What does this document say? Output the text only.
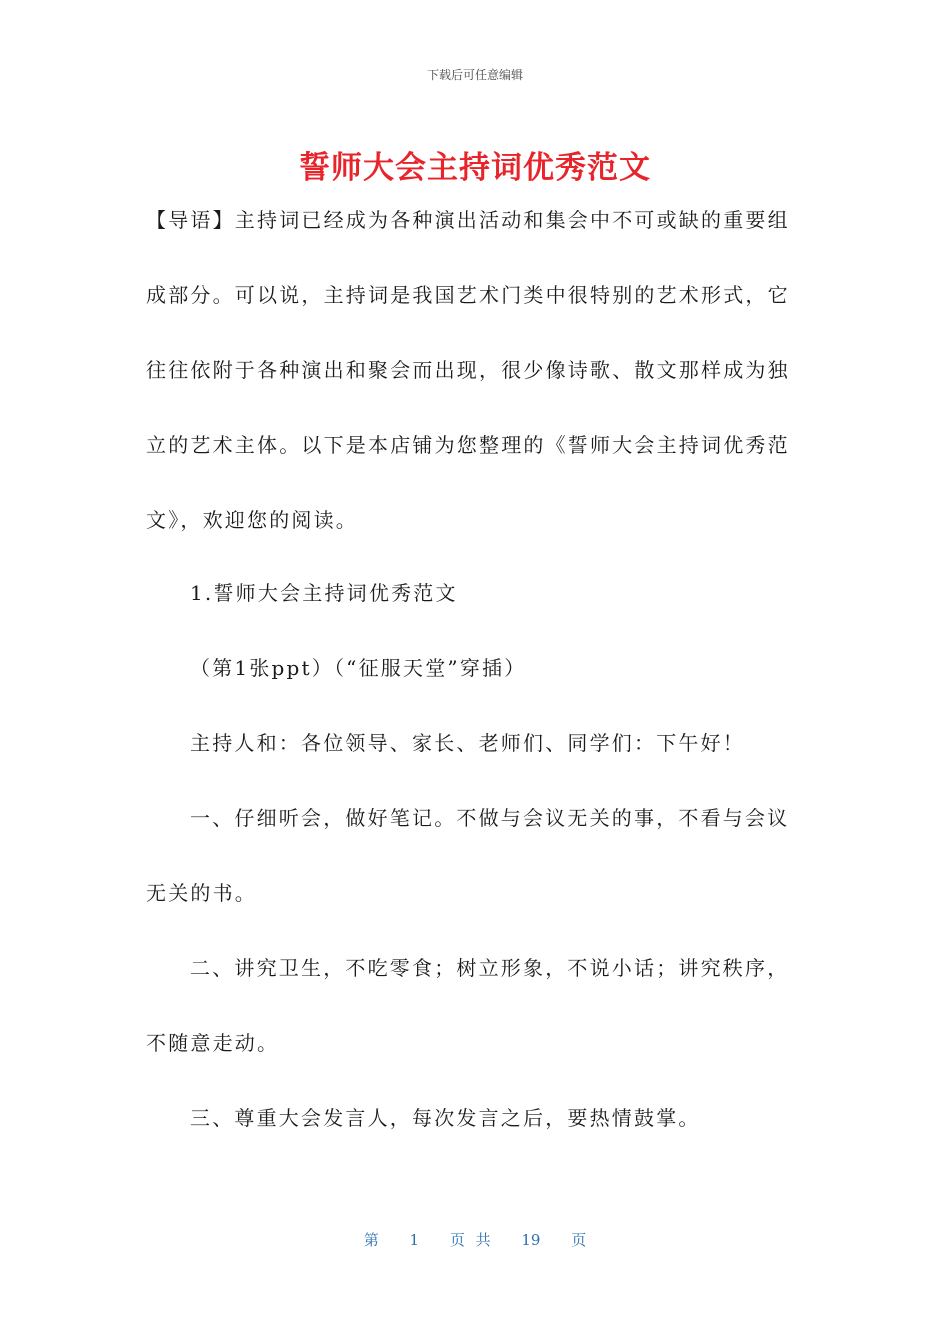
下载后可任意编辑
誓师大会主持词优秀范文
【导语】主持词已经成为各种演出活动和集会中不可或缺的重要组
成部分。可以说，主持词是我国艺术门类中很特别的艺术形式，它
往往依附于各种演出和聚会而出现，很少像诗歌、散文那样成为独
立的艺术主体。以下是本店铺为您整理的《誓师大会主持词优秀范
文》，欢迎您的阅读。
1.誓师大会主持词优秀范文
（第1张ppt）（“征服天堂”穿插）
主持人和：各位领导、家长、老师们、同学们：下午好！
一、仔细听会，做好笔记。不做与会议无关的事，不看与会议
无关的书。
二、讲究卫生，不吃零食；树立形象，不说小话；讲究秩序，
不随意走动。
三、尊重大会发言人，每次发言之后，要热情鼓掌。
第 1 页 共 19 页
